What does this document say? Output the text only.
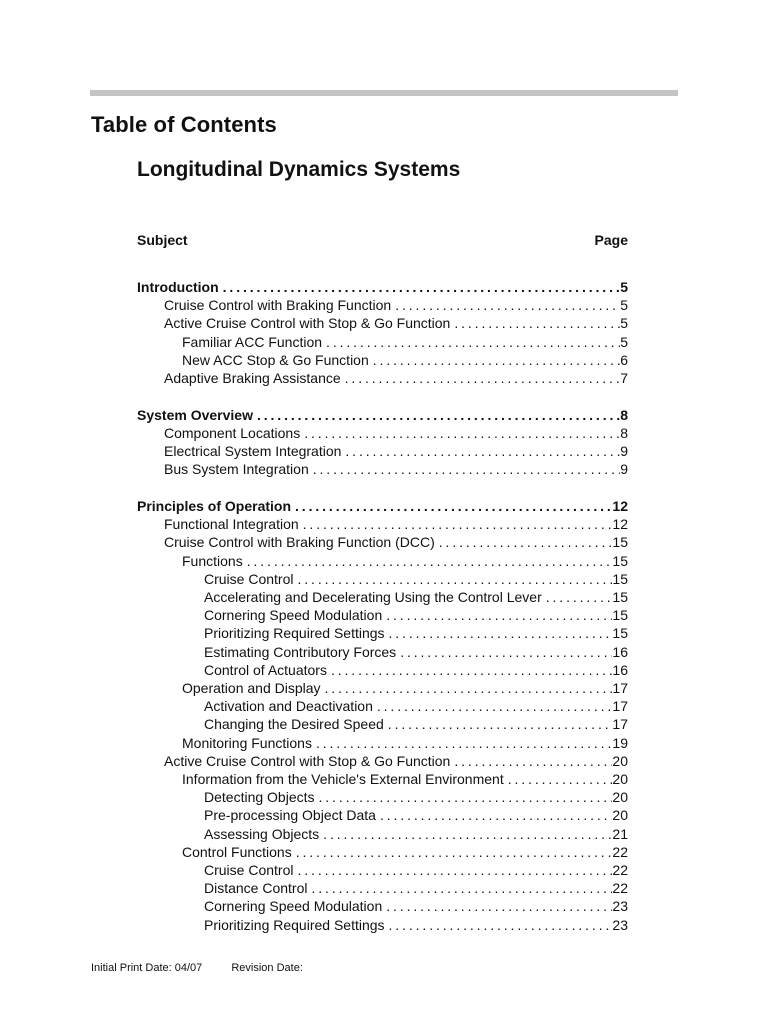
Table of Contents
Longitudinal Dynamics Systems
Subject	Page
Introduction . . .	5
Cruise Control with Braking Function . . .	5
Active Cruise Control with Stop & Go Function . . .	5
Familiar ACC Function . . .	5
New ACC Stop & Go Function . . .	6
Adaptive Braking Assistance . . .	7
System Overview . . .	8
Component Locations . . .	8
Electrical System Integration . . .	9
Bus System Integration . . .	9
Principles of Operation . . .	12
Functional Integration . . .	12
Cruise Control with Braking Function (DCC) . . .	15
Functions . . .	15
Cruise Control . . .	15
Accelerating and Decelerating Using the Control Lever . . .	15
Cornering Speed Modulation . . .	15
Prioritizing Required Settings . . .	15
Estimating Contributory Forces . . .	16
Control of Actuators . . .	16
Operation and Display . . .	17
Activation and Deactivation . . .	17
Changing the Desired Speed . . .	17
Monitoring Functions . . .	19
Active Cruise Control with Stop & Go Function . . .	20
Information from the Vehicle's External Environment . . .	20
Detecting Objects . . .	20
Pre-processing Object Data . . .	20
Assessing Objects . . .	21
Control Functions . . .	22
Cruise Control . . .	22
Distance Control . . .	22
Cornering Speed Modulation . . .	23
Prioritizing Required Settings . . .	23
Initial Print Date: 04/07	Revision Date:
